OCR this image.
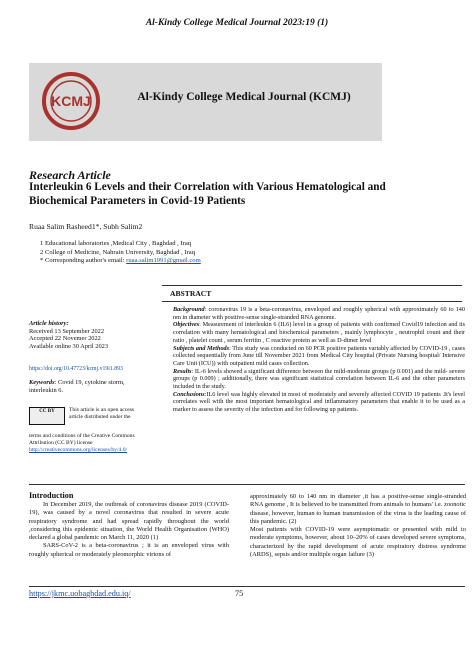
Al-Kindy College Medical Journal 2023:19 (1)
KCMJ	Al-Kindy College Medical Journal (KCMJ)
Research Article
Interleukin 6 Levels and their Correlation with Various Hematological and
Biochemical Parameters in Covid-19 Patients
Ruaa Salim Rasheed1*, Subh Salim2
1 Educational laboratories ,Medical City , Baghdad , Iraq
2 College of Medicine, Nahrain University, Baghdad , Iraq
* Corresponding author's email: ruaa.salim1991@gmail.com
ABSTRACT

Background: coronavirus 19 is a beta-coronavirus, enveloped and roughly spherical with approximately 60 to 140 nm in diameter with positive-sense single-stranded RNA genome.

Objectives: Measurement of interleukin 6 (IL6) level in a group of patients with confirmed Covid19 infection and its correlation with many hematological and biochemical parameters , mainly lymphocyte , neutrophil count and their ratio , platelet count , serum ferritin , C reactive protein as well as D-dimer level

Subjects and Methods: This study was conducted on 60 PCR positive patients variably affected by COVID-19 , cases collected sequentially from June till November 2021 from Medical City hospital (Private Nursing hospital/ Intensive Care Unit (ICU)) with outpatient mild cases collection.

Results: IL-6 levels showed a significant difference between the mild-moderate groups (p 0.001) and the mild- severe groups (p 0.009) ; additionally, there was significant statistical correlation between IL-6 and the other parameters included in the study.

Conclusions:IL6 level was highly elevated in most of moderately and severely affected COVID 19 patients .It's level correlates well with the most important hematological and inflammatory parameters that enable it to be used as a marker to assess the severity of the infection and for following up patients.

Article history:
Received 13 September 2022
Accepted 22 Novemer 2022
Available online 30 April 2023
https://doi.org/10.47723/kcmj.v19i1.893
Keywords: Covid 19, cytokine storm, interleukin 6.
CC BY	This article is an open access article distributed under the
terms and conditions of the Creative Commons Attribution (CC BY) license
http://creativecommons.org/licenses/by/4.0/
Introduction

In December 2019, the outbreak of coronavirus disease 2019 (COVID-19), was caused by a novel coronavirus that resulted in severe acute respiratory syndrome and had spread rapidly throughout the world ,considering this epidemic situation, the World Health Organisation (WHO) declared a global pandemic on March 11, 2020 (1)

SARS-CoV-2 is a beta-coronavirus ; it is an enveloped virus with roughly spherical or moderately pleomorphic virions of

approximately 60 to 140 nm in diameter ,it has a positive-sense single-stranded RNA genome , It is believed to be transmitted from animals to humans' i.e. zoonotic disease, however, human to human transmission of the virus is the leading cause of this pandemic. (2)

Most patients with COVID-19 were asymptomatic or presented with mild to moderate symptoms, however, about 10–20% of cases developed severe symptoms, characterized by the rapid development of acute respiratory distress syndrome (ARDS), sepsis and/or multiple organ failure (3)

https://jkmc.uobaghdad.edu.iq/	75
